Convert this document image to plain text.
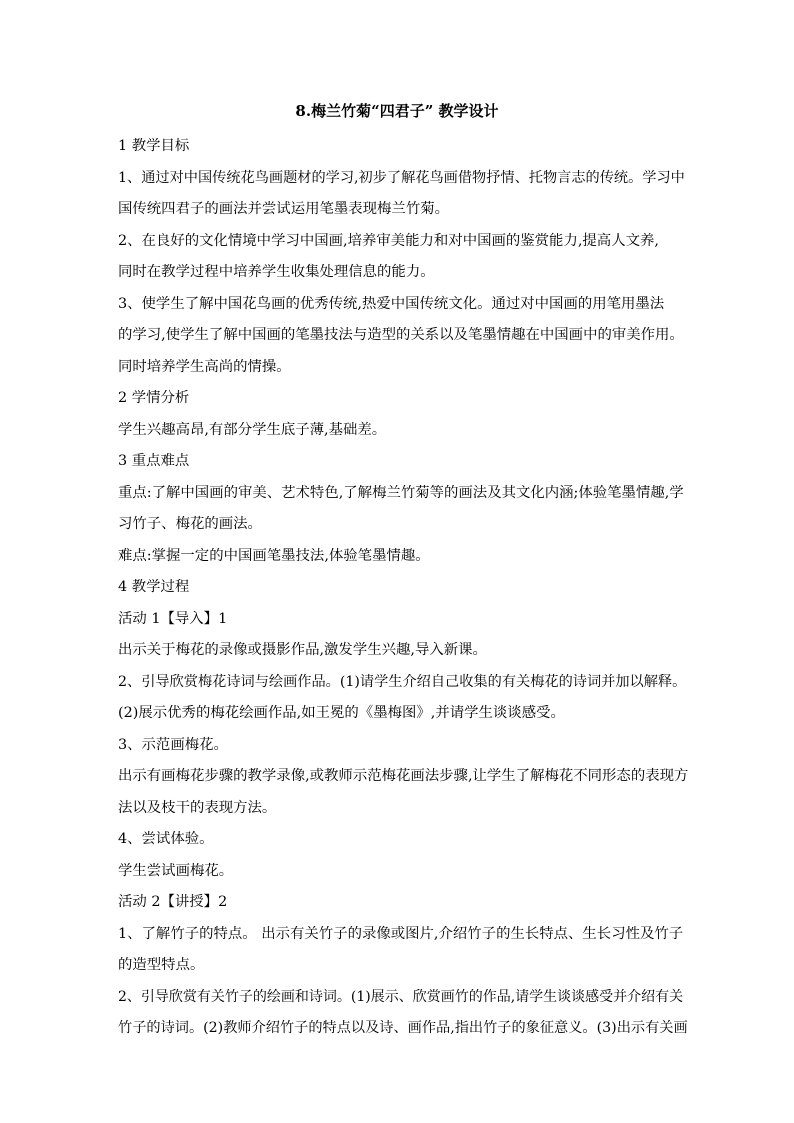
8.梅兰竹菊“四君子” 教学设计
1 教学目标
1、通过对中国传统花鸟画题材的学习,初步了解花鸟画借物抒情、托物言志的传统。学习中
国传统四君子的画法并尝试运用笔墨表现梅兰竹菊。
2、在良好的文化情境中学习中国画,培养审美能力和对中国画的鉴赏能力,提高人文养,
同时在教学过程中培养学生收集处理信息的能力。
3、使学生了解中国花鸟画的优秀传统,热爱中国传统文化。通过对中国画的用笔用墨法
的学习,使学生了解中国画的笔墨技法与造型的关系以及笔墨情趣在中国画中的审美作用。
同时培养学生高尚的情操。
2 学情分析
学生兴趣高昂,有部分学生底子薄,基础差。
3 重点难点
重点:了解中国画的审美、艺术特色,了解梅兰竹菊等的画法及其文化内涵;体验笔墨情趣,学
习竹子、梅花的画法。
难点:掌握一定的中国画笔墨技法,体验笔墨情趣。
4 教学过程
活动 1【导入】1
出示关于梅花的录像或摄影作品,激发学生兴趣,导入新课。
2、引导欣赏梅花诗词与绘画作品。(1)请学生介绍自己收集的有关梅花的诗词并加以解释。
(2)展示优秀的梅花绘画作品,如王冕的《墨梅图》,并请学生谈谈感受。
3、示范画梅花。
出示有画梅花步骤的教学录像,或教师示范梅花画法步骤,让学生了解梅花不同形态的表现方
法以及枝干的表现方法。
4、尝试体验。
学生尝试画梅花。
活动 2【讲授】2
1、了解竹子的特点。 出示有关竹子的录像或图片,介绍竹子的生长特点、生长习性及竹子
的造型特点。
2、引导欣赏有关竹子的绘画和诗词。(1)展示、欣赏画竹的作品,请学生谈谈感受并介绍有关
竹子的诗词。(2)教师介绍竹子的特点以及诗、画作品,指出竹子的象征意义。(3)出示有关画
